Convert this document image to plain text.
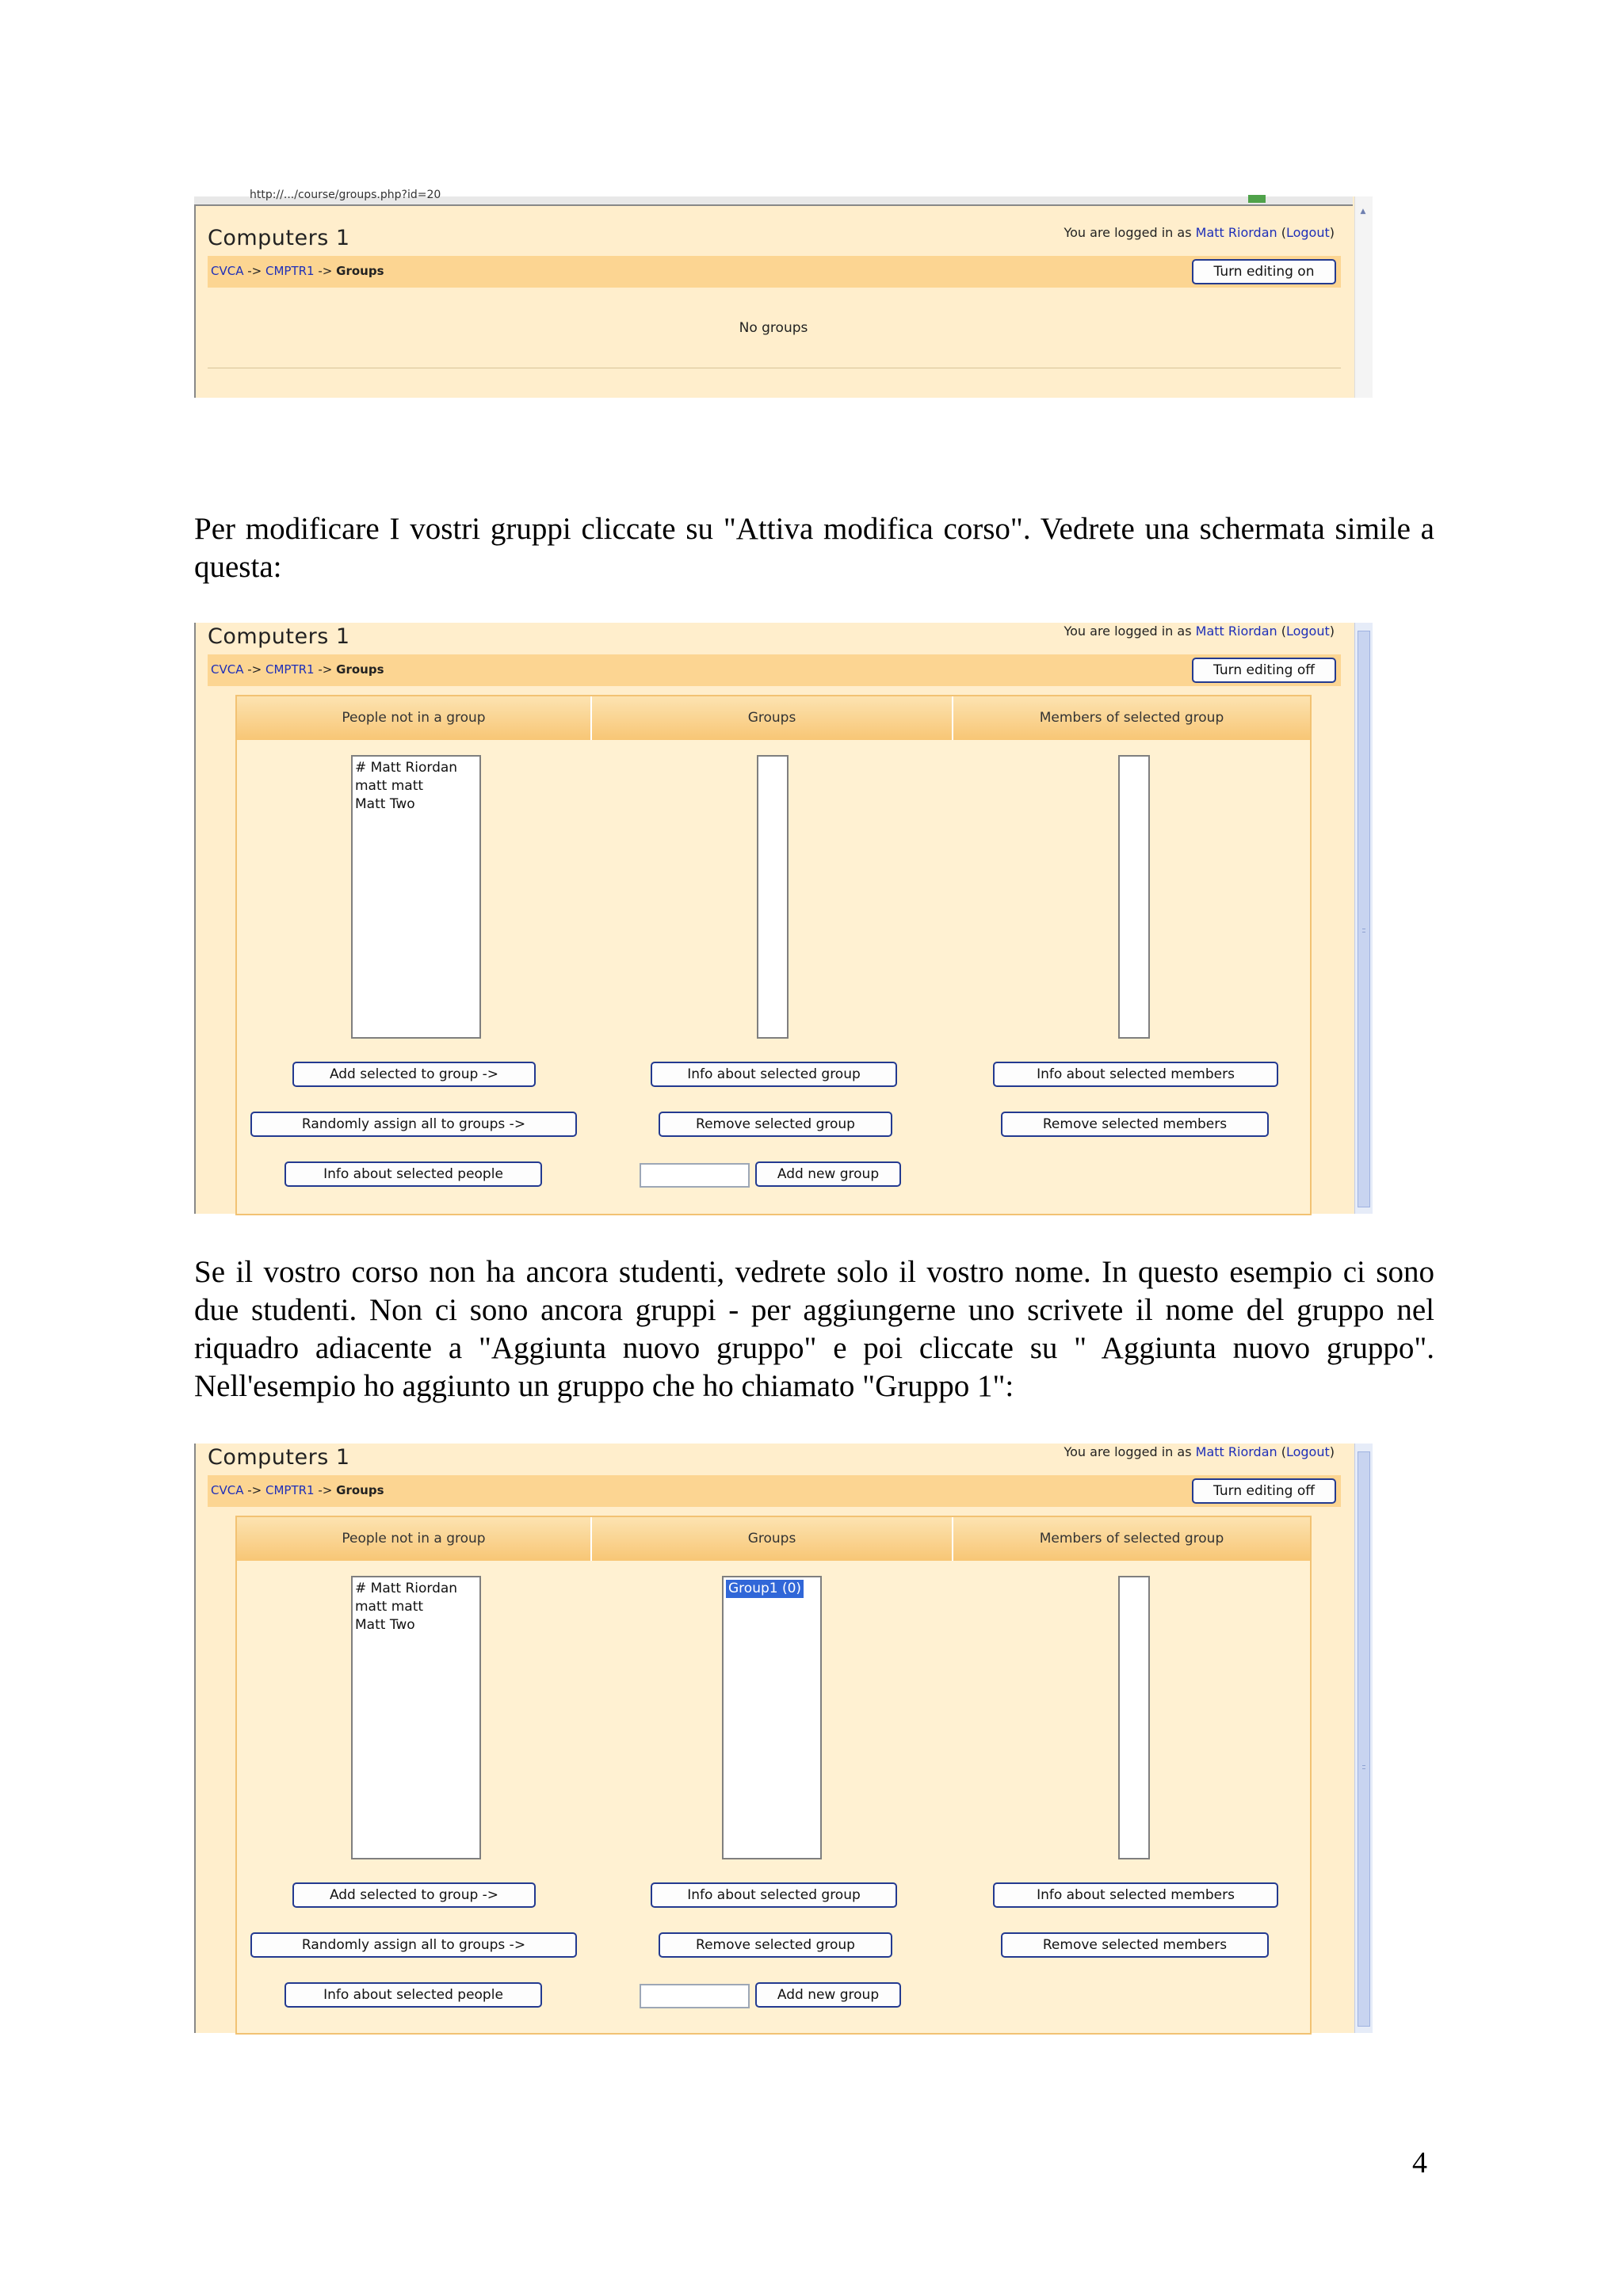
http://.../course/groups.php?id=20
▲
Computers 1	You are logged in as Matt Riordan (Logout)
CVCA -> CMPTR1 -> Groups	Turn editing on
No groups

Per modificare I vostri gruppi cliccate su "Attiva modifica corso". Vedrete una schermata simile a questa:

Computers 1	You are logged in as Matt Riordan (Logout)
CVCA -> CMPTR1 -> Groups	Turn editing off
People not in a group	Groups	Members of selected group
# Matt Riordan
matt matt
Matt Two
Add selected to group ->
Randomly assign all to groups ->
Info about selected people
Info about selected group
Remove selected group
Add new group
Info about selected members
Remove selected members

Se il vostro corso non ha ancora studenti, vedrete solo il vostro nome. In questo esempio ci sono due studenti. Non ci sono ancora gruppi - per aggiungerne uno scrivete il nome del gruppo nel riquadro adiacente a "Aggiunta nuovo gruppo" e poi cliccate su " Aggiunta nuovo gruppo". Nell'esempio ho aggiunto un gruppo che ho chiamato "Gruppo 1":

Computers 1	You are logged in as Matt Riordan (Logout)
CVCA -> CMPTR1 -> Groups	Turn editing off
People not in a group	Groups	Members of selected group
# Matt Riordan
matt matt
Matt Two
Group1 (0)
Add selected to group ->
Randomly assign all to groups ->
Info about selected people
Info about selected group
Remove selected group
Add new group
Info about selected members
Remove selected members
4
